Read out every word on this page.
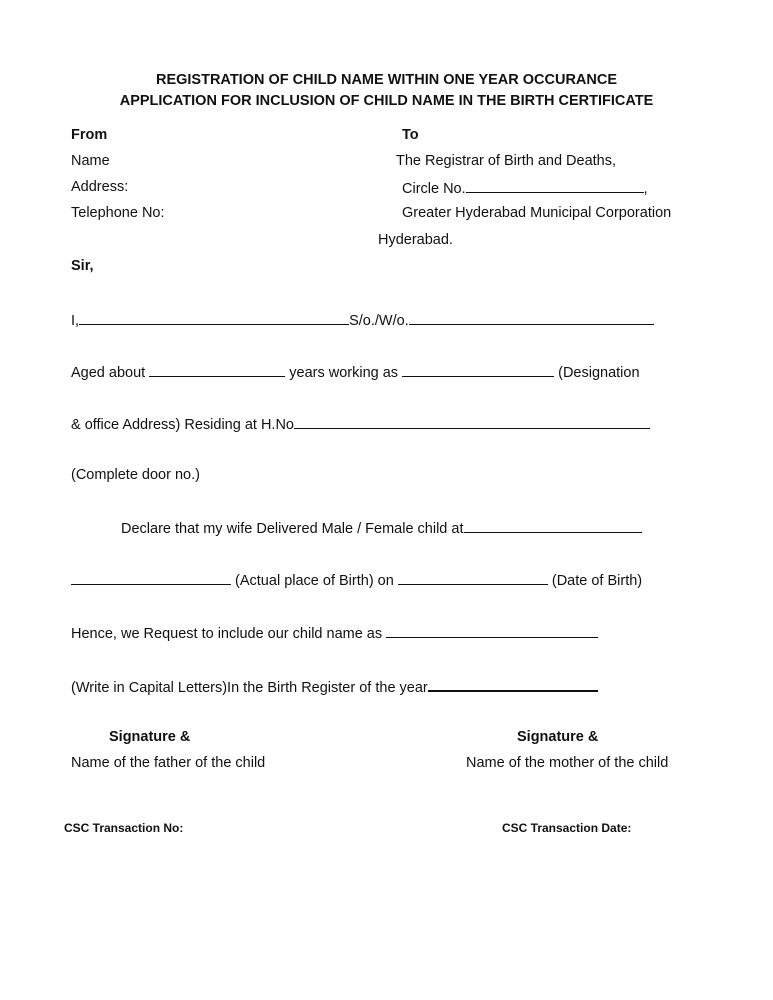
REGISTRATION OF CHILD NAME WITHIN ONE YEAR OCCURANCE
APPLICATION FOR INCLUSION OF CHILD NAME IN THE BIRTH CERTIFICATE
From
Name
Address:
Telephone No:
To
The Registrar of Birth and Deaths,
Circle No.	,
Greater Hyderabad Municipal Corporation
Hyderabad.
Sir,
I,	S/o./W/o.
Aged about	years working as	(Designation
& office Address) Residing at H.No
(Complete door no.)
Declare that my wife Delivered Male / Female child at
(Actual place of Birth) on	(Date of Birth)
Hence, we Request to include our child name as
(Write in Capital Letters)In the Birth Register of the year
Signature &
Name of the father of the child
Signature &
Name of the mother of the child
CSC Transaction No:	CSC Transaction Date:
